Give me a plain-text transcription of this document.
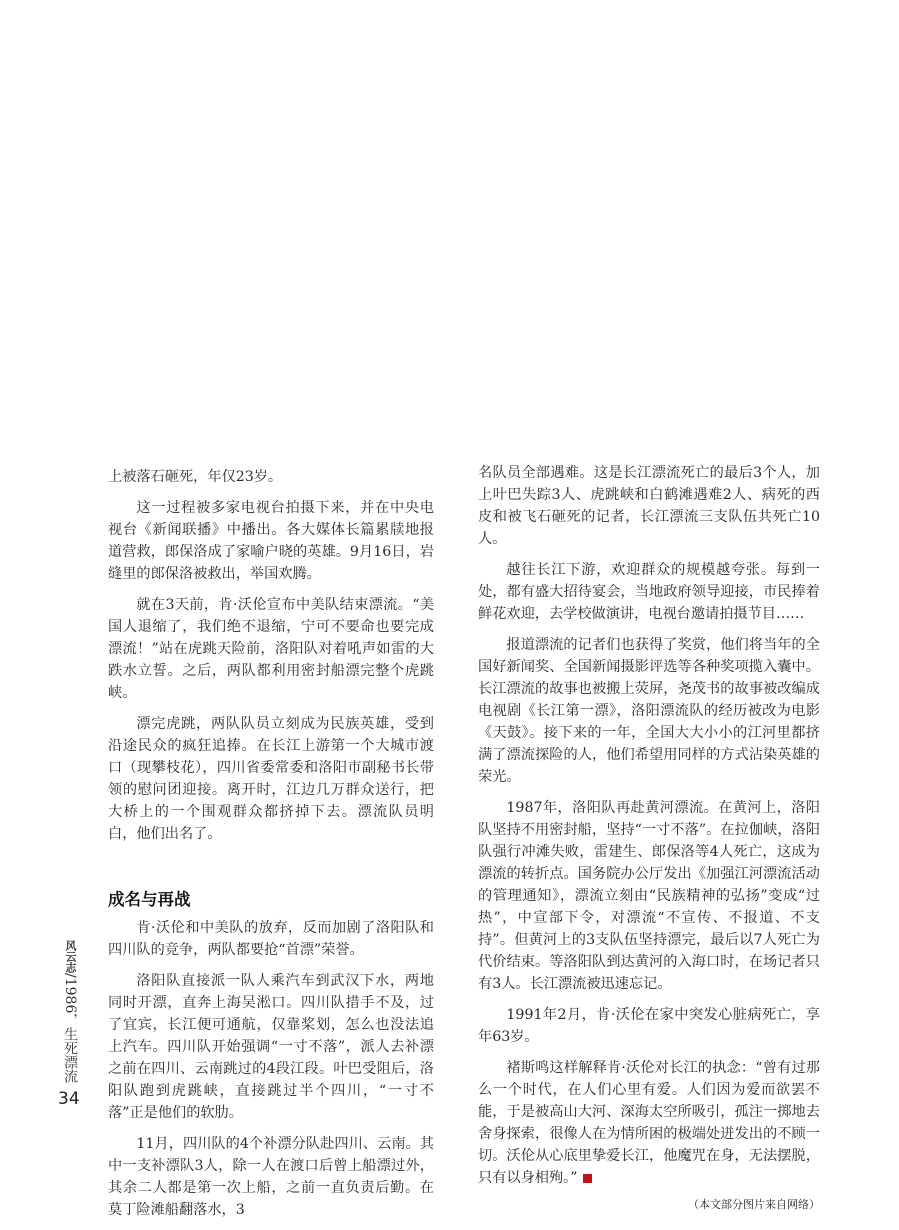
风云志/1986，生死漂流
34

上被落石砸死，年仅23岁。

这一过程被多家电视台拍摄下来，并在中央电视台《新闻联播》中播出。各大媒体长篇累牍地报道营救，郎保洛成了家喻户晓的英雄。9月16日，岩缝里的郎保洛被救出，举国欢腾。

就在3天前，肯·沃伦宣布中美队结束漂流。“美国人退缩了，我们绝不退缩，宁可不要命也要完成漂流！”站在虎跳天险前，洛阳队对着吼声如雷的大跌水立誓。之后，两队都利用密封船漂完整个虎跳峡。

漂完虎跳，两队队员立刻成为民族英雄，受到沿途民众的疯狂追捧。在长江上游第一个大城市渡口（现攀枝花），四川省委常委和洛阳市副秘书长带领的慰问团迎接。离开时，江边几万群众送行，把大桥上的一个围观群众都挤掉下去。漂流队员明白，他们出名了。

成名与再战

肯·沃伦和中美队的放弃，反而加剧了洛阳队和四川队的竞争，两队都要抢“首漂”荣誉。

洛阳队直接派一队人乘汽车到武汉下水，两地同时开漂，直奔上海吴淞口。四川队措手不及，过了宜宾，长江便可通航，仅靠桨划，怎么也没法追上汽车。四川队开始强调“一寸不落”，派人去补漂之前在四川、云南跳过的4段江段。叶巴受阻后，洛阳队跑到虎跳峡，直接跳过半个四川，“一寸不落”正是他们的软肋。

11月，四川队的4个补漂分队赴四川、云南。其中一支补漂队3人，除一人在渡口后曾上船漂过外，其余二人都是第一次上船，之前一直负责后勤。在莫丁险滩船翻落水，3

名队员全部遇难。这是长江漂流死亡的最后3个人，加上叶巴失踪3人、虎跳峡和白鹤滩遇难2人、病死的西皮和被飞石砸死的记者，长江漂流三支队伍共死亡10人。

越往长江下游，欢迎群众的规模越夸张。每到一处，都有盛大招待宴会，当地政府领导迎接，市民捧着鲜花欢迎，去学校做演讲，电视台邀请拍摄节目……

报道漂流的记者们也获得了奖赏，他们将当年的全国好新闻奖、全国新闻摄影评选等各种奖项揽入囊中。长江漂流的故事也被搬上荧屏，尧茂书的故事被改编成电视剧《长江第一漂》，洛阳漂流队的经历被改为电影《天鼓》。接下来的一年，全国大大小小的江河里都挤满了漂流探险的人，他们希望用同样的方式沾染英雄的荣光。

1987年，洛阳队再赴黄河漂流。在黄河上，洛阳队坚持不用密封船，坚持“一寸不落”。在拉伽峡，洛阳队强行冲滩失败，雷建生、郎保洛等4人死亡，这成为漂流的转折点。国务院办公厅发出《加强江河漂流活动的管理通知》，漂流立刻由“民族精神的弘扬”变成“过热”，中宣部下令，对漂流“不宣传、不报道、不支持”。但黄河上的3支队伍坚持漂完，最后以7人死亡为代价结束。等洛阳队到达黄河的入海口时，在场记者只有3人。长江漂流被迅速忘记。

1991年2月，肯·沃伦在家中突发心脏病死亡，享年63岁。

褚斯鸣这样解释肯·沃伦对长江的执念：“曾有过那么一个时代，在人们心里有爱。人们因为爱而欲罢不能，于是被高山大河、深海太空所吸引，孤注一掷地去舍身探索，很像人在为情所困的极端处迸发出的不顾一切。沃伦从心底里挚爱长江，他魔咒在身，无法摆脱，只有以身相殉。”

（本文部分图片来自网络）
